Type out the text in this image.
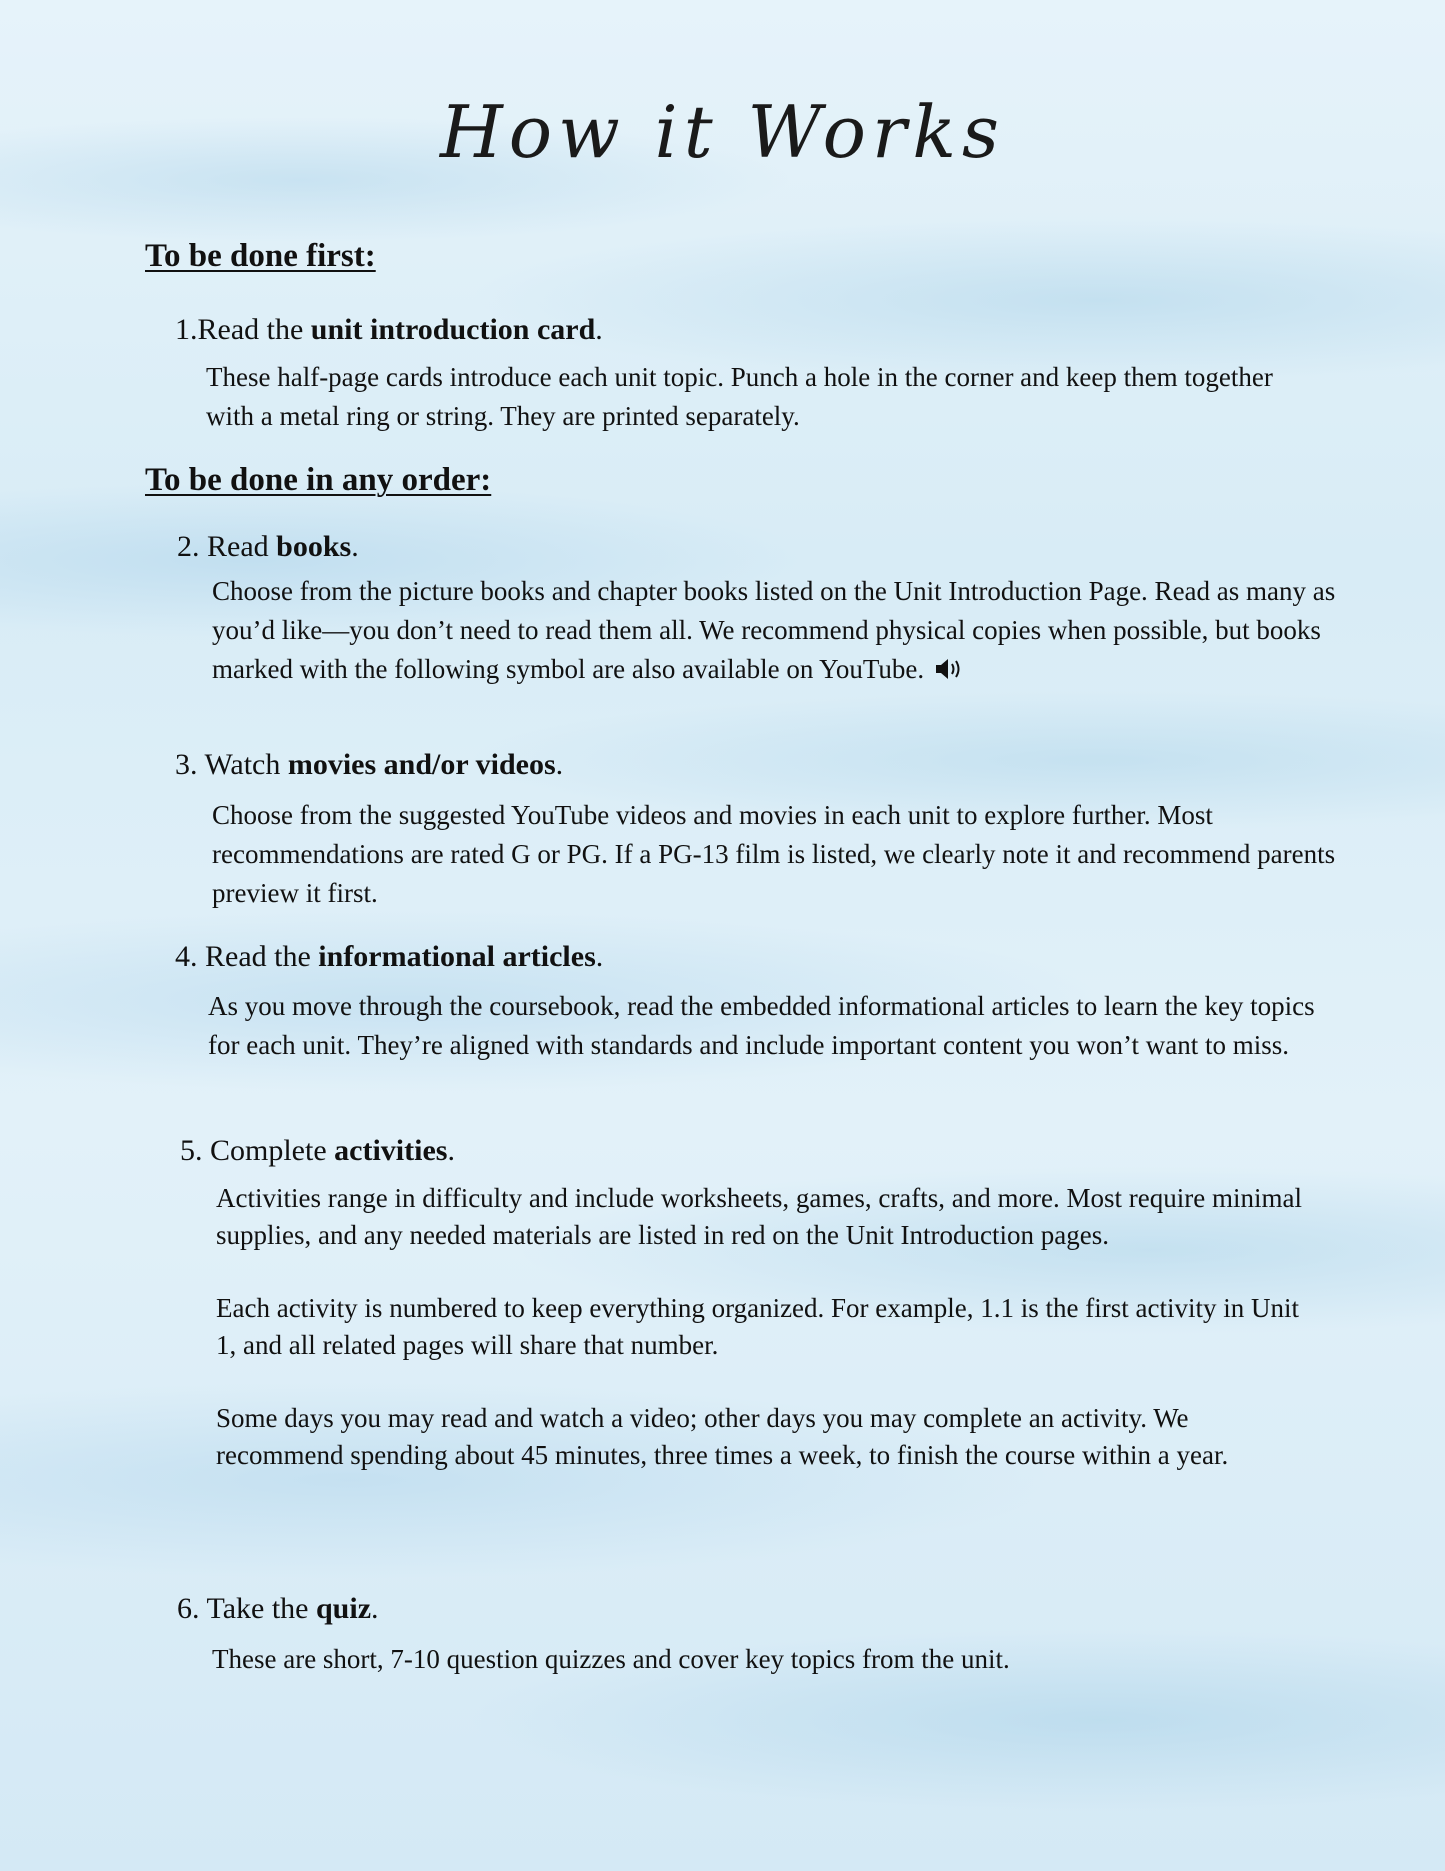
How it Works
To be done first:
1.Read the unit introduction card.

These half-page cards introduce each unit topic. Punch a hole in the corner and keep them together with a metal ring or string. They are printed separately.

To be done in any order:
2. Read books.
Choose from the picture books and chapter books listed on the Unit Introduction Page. Read as many as you’d like—you don’t need to read them all. We recommend physical copies when possible, but books marked with the following symbol are also available on YouTube.
3. Watch movies and/or videos.

Choose from the suggested YouTube videos and movies in each unit to explore further. Most recommendations are rated G or PG. If a PG-13 film is listed, we clearly note it and recommend parents preview it first.

4. Read the informational articles.

As you move through the coursebook, read the embedded informational articles to learn the key topics for each unit. They’re aligned with standards and include important content you won’t want to miss.

5. Complete activities.

Activities range in difficulty and include worksheets, games, crafts, and more. Most require minimal supplies, and any needed materials are listed in red on the Unit Introduction pages.

Each activity is numbered to keep everything organized. For example, 1.1 is the first activity in Unit 1, and all related pages will share that number.

Some days you may read and watch a video; other days you may complete an activity. We recommend spending about 45 minutes, three times a week, to finish the course within a year.

6. Take the quiz.

These are short, 7-10 question quizzes and cover key topics from the unit.
